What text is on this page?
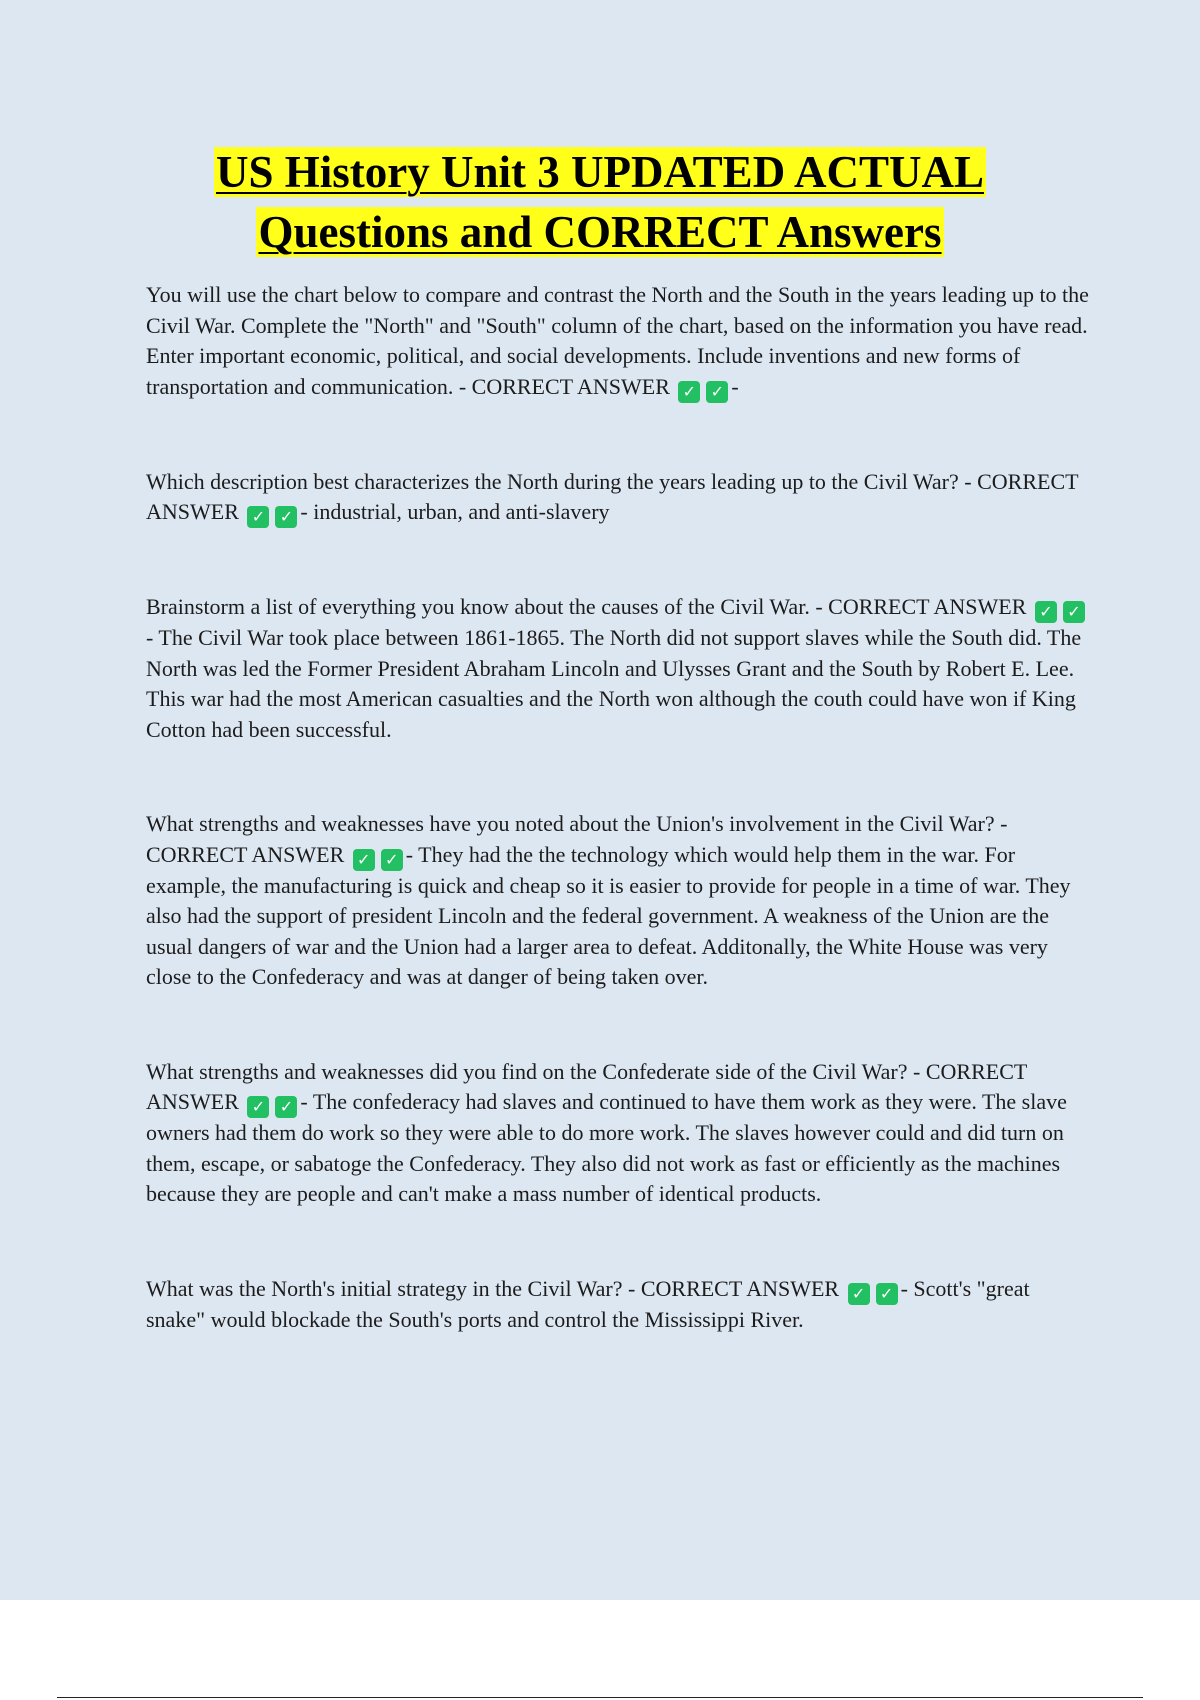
US History Unit 3 UPDATED ACTUAL
Questions and CORRECT Answers

You will use the chart below to compare and contrast the North and the South in the years leading up to the Civil War. Complete the "North" and "South" column of the chart, based on the information you have read. Enter important economic, political, and social developments. Include inventions and new forms of transportation and communication. - CORRECT ANSWER ✓ ✓ -

Which description best characterizes the North during the years leading up to the Civil War? - CORRECT ANSWER ✓ ✓ - industrial, urban, and anti-slavery

Brainstorm a list of everything you know about the causes of the Civil War. - CORRECT ANSWER ✓ ✓- The Civil War took place between 1861-1865. The North did not support slaves while the South did. The North was led the Former President Abraham Lincoln and Ulysses Grant and the South by Robert E. Lee. This war had the most American casualties and the North won although the couth could have won if King Cotton had been successful.

What strengths and weaknesses have you noted about the Union's involvement in the Civil War? - CORRECT ANSWER ✓ ✓ - They had the the technology which would help them in the war. For example, the manufacturing is quick and cheap so it is easier to provide for people in a time of war. They also had the support of president Lincoln and the federal government. A weakness of the Union are the usual dangers of war and the Union had a larger area to defeat. Additonally, the White House was very close to the Confederacy and was at danger of being taken over.

What strengths and weaknesses did you find on the Confederate side of the Civil War? - CORRECT ANSWER ✓ ✓ - The confederacy had slaves and continued to have them work as they were. The slave owners had them do work so they were able to do more work. The slaves however could and did turn on them, escape, or sabatoge the Confederacy. They also did not work as fast or efficiently as the machines because they are people and can't make a mass number of identical products.

What was the North's initial strategy in the Civil War? - CORRECT ANSWER ✓ ✓ - Scott's "great snake" would blockade the South's ports and control the Mississippi River.
